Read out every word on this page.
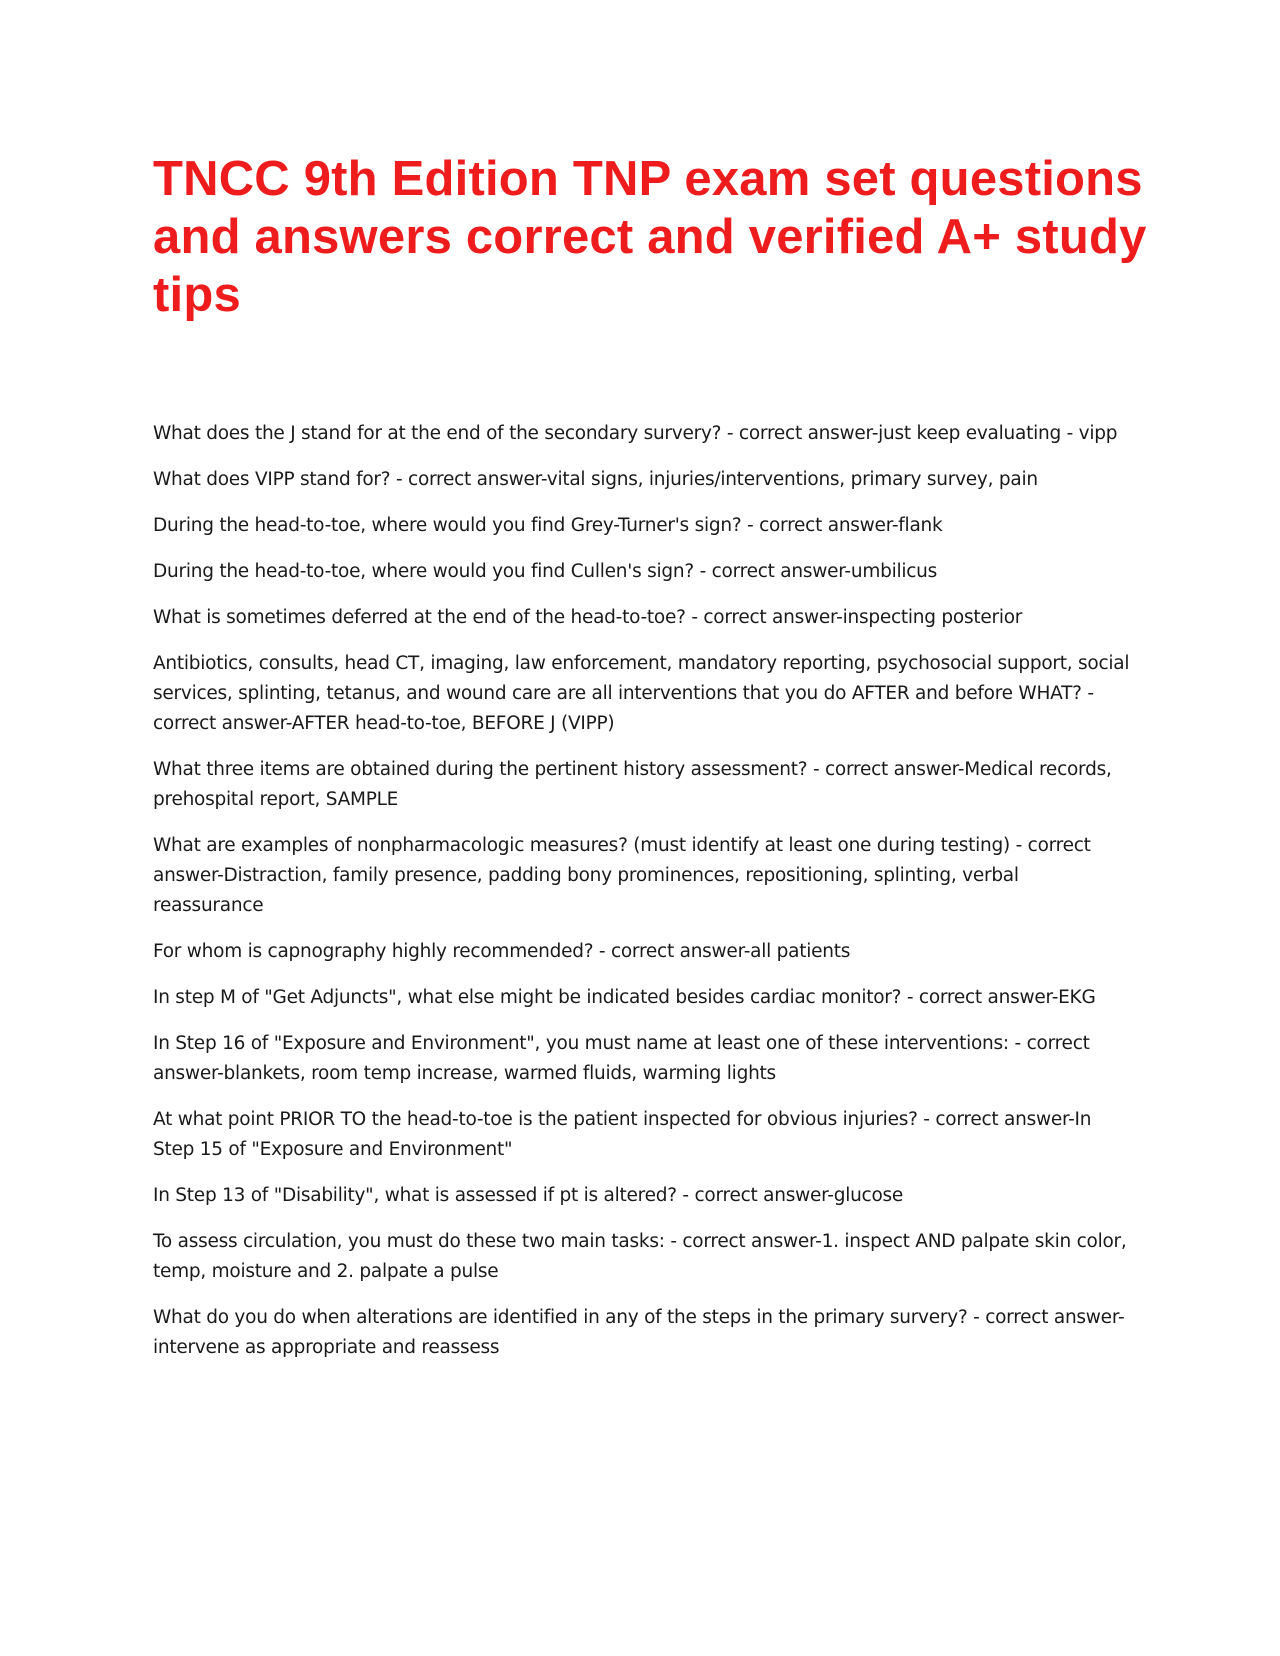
TNCC 9th Edition TNP exam set questions and answers correct and verified A+ study tips
What does the J stand for at the end of the secondary survery? - correct answer-just keep evaluating - vipp
What does VIPP stand for? - correct answer-vital signs, injuries/interventions, primary survey, pain
During the head-to-toe, where would you find Grey-Turner's sign? - correct answer-flank
During the head-to-toe, where would you find Cullen's sign? - correct answer-umbilicus
What is sometimes deferred at the end of the head-to-toe? - correct answer-inspecting posterior
Antibiotics, consults, head CT, imaging, law enforcement, mandatory reporting, psychosocial support, social services, splinting, tetanus, and wound care are all interventions that you do AFTER and before WHAT? - correct answer-AFTER head-to-toe, BEFORE J (VIPP)
What three items are obtained during the pertinent history assessment? - correct answer-Medical records, prehospital report, SAMPLE
What are examples of nonpharmacologic measures? (must identify at least one during testing) - correct answer-Distraction, family presence, padding bony prominences, repositioning, splinting, verbal reassurance
For whom is capnography highly recommended? - correct answer-all patients
In step M of "Get Adjuncts", what else might be indicated besides cardiac monitor? - correct answer-EKG
In Step 16 of "Exposure and Environment", you must name at least one of these interventions: - correct answer-blankets, room temp increase, warmed fluids, warming lights
At what point PRIOR TO the head-to-toe is the patient inspected for obvious injuries? - correct answer-In Step 15 of "Exposure and Environment"
In Step 13 of "Disability", what is assessed if pt is altered? - correct answer-glucose
To assess circulation, you must do these two main tasks: - correct answer-1. inspect AND palpate skin color, temp, moisture and 2. palpate a pulse
What do you do when alterations are identified in any of the steps in the primary survery? - correct answer-intervene as appropriate and reassess
